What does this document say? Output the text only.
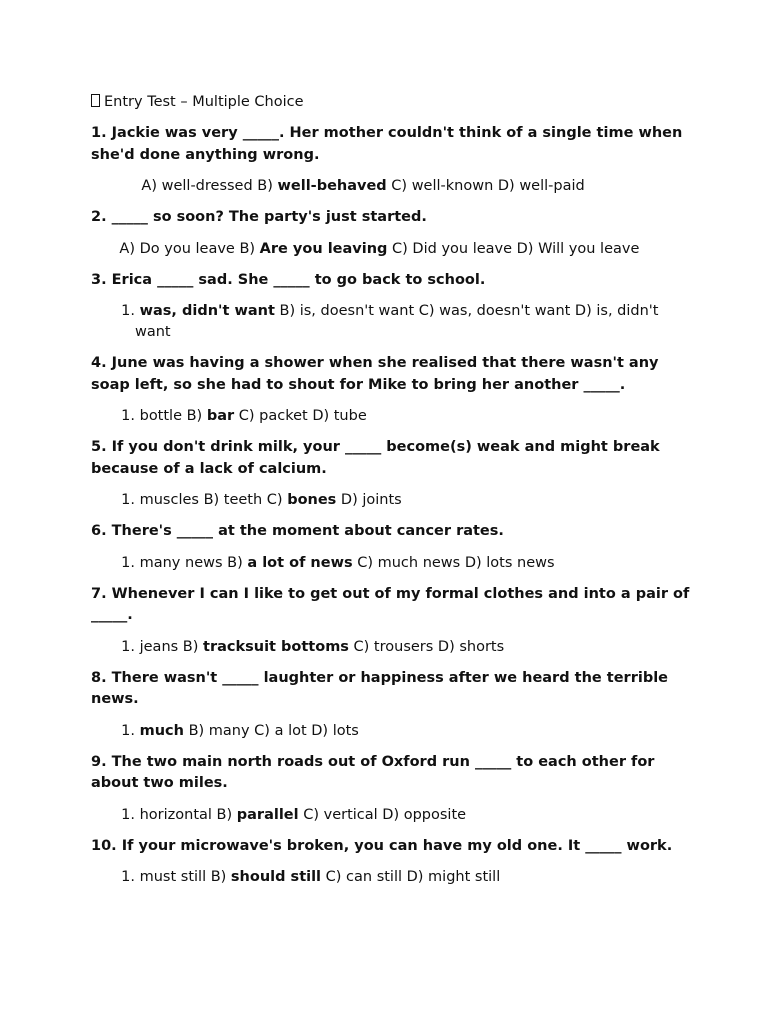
Entry Test – Multiple Choice
1. Jackie was very _____. Her mother couldn't think of a single time when she'd done anything wrong.
A) well-dressed B) well-behaved C) well-known D) well-paid
2. _____ so soon? The party's just started.
A) Do you leave B) Are you leaving C) Did you leave D) Will you leave
3. Erica _____ sad. She _____ to go back to school.
1. was, didn't want B) is, doesn't want C) was, doesn't want D) is, didn't want
4. June was having a shower when she realised that there wasn't any soap left, so she had to shout for Mike to bring her another _____.
1. bottle B) bar C) packet D) tube
5. If you don't drink milk, your _____ become(s) weak and might break because of a lack of calcium.
1. muscles B) teeth C) bones D) joints
6. There's _____ at the moment about cancer rates.
1. many news B) a lot of news C) much news D) lots news
7. Whenever I can I like to get out of my formal clothes and into a pair of _____.
1. jeans B) tracksuit bottoms C) trousers D) shorts
8. There wasn't _____ laughter or happiness after we heard the terrible news.
1. much B) many C) a lot D) lots
9. The two main north roads out of Oxford run _____ to each other for about two miles.
1. horizontal B) parallel C) vertical D) opposite
10. If your microwave's broken, you can have my old one. It _____ work.
1. must still B) should still C) can still D) might still
